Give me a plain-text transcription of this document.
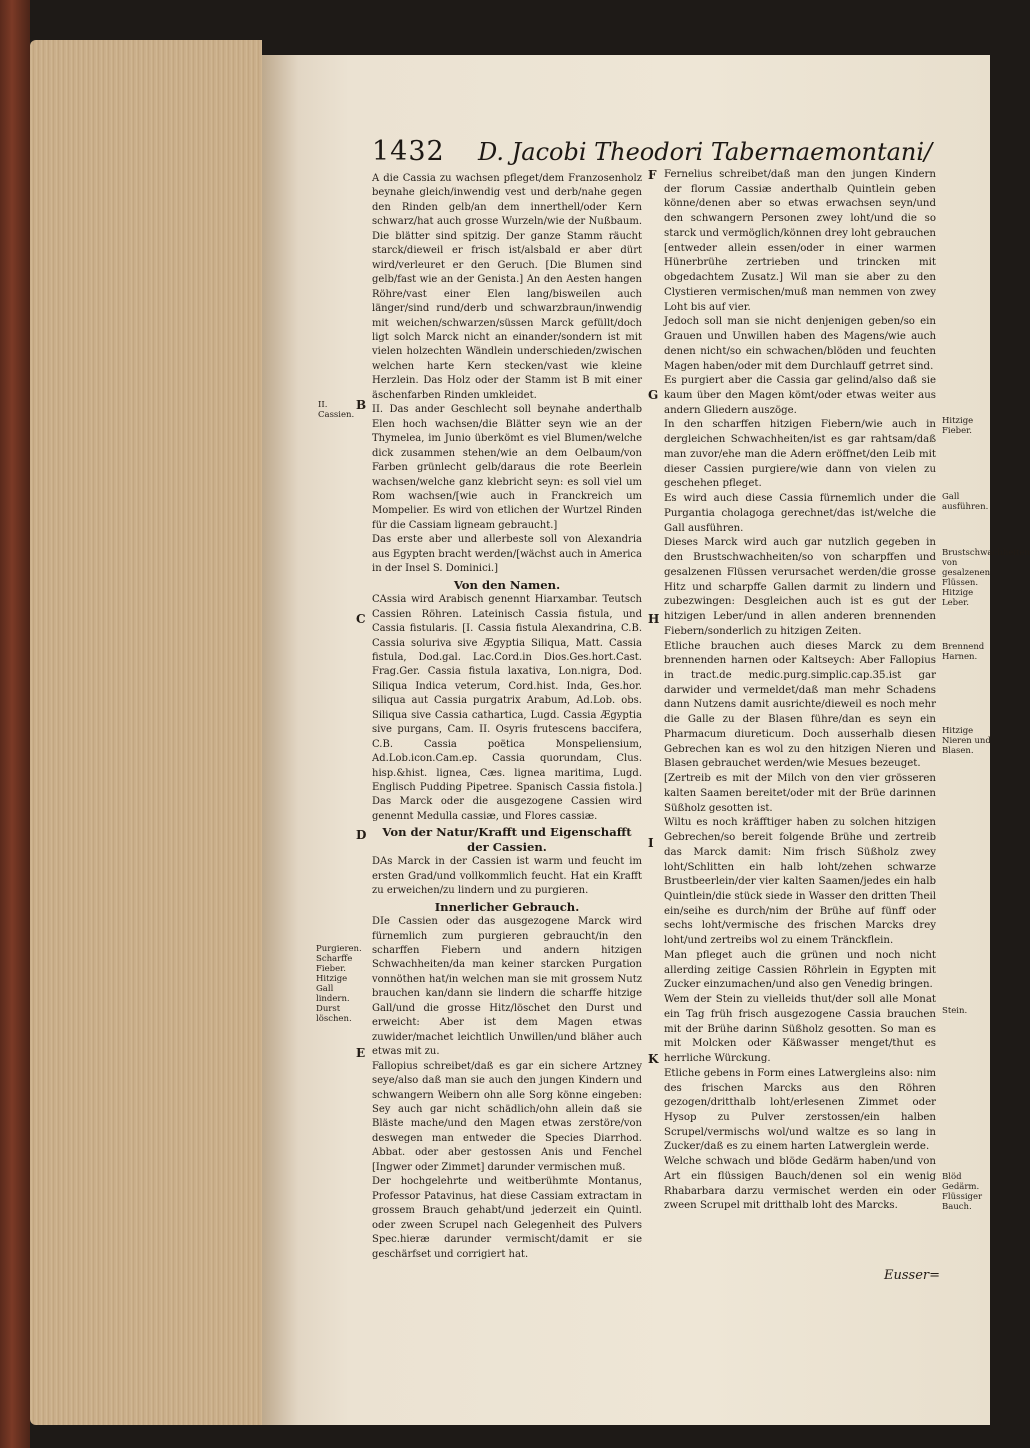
1432 D. Jacobi Theodori Tabernaemontani/

A die Cassia zu wachsen pfleget/dem Franzosenholz beynahe gleich/inwendig vest und derb/nahe gegen den Rinden gelb/an dem innerthell/oder Kern schwarz/hat auch grosse Wurzeln/wie der Nußbaum. Die blätter sind spitzig. Der ganze Stamm räucht starck/dieweil er frisch ist/alsbald er aber dürt wird/verleuret er den Geruch. [Die Blumen sind gelb/fast wie an der Genista.] An den Aesten hangen Röhre/vast einer Elen lang/bisweilen auch länger/sind rund/derb und schwarzbraun/inwendig mit weichen/schwarzen/süssen Marck gefüllt/doch ligt solch Marck nicht an einander/sondern ist mit vielen holzechten Wändlein underschieden/zwischen welchen harte Kern stecken/vast wie kleine Herzlein. Das Holz oder der Stamm ist B mit einer äschenfarben Rinden umkleidet.

II. Das ander Geschlecht soll beynahe anderthalb Elen hoch wachsen/die Blätter seyn wie an der Thymelea, im Junio überkömt es viel Blumen/welche dick zusammen stehen/wie an dem Oelbaum/von Farben grünlecht gelb/daraus die rote Beerlein wachsen/welche ganz klebricht seyn: es soll viel um Rom wachsen/[wie auch in Franckreich um Mompelier. Es wird von etlichen der Wurtzel Rinden für die Cassiam ligneam gebraucht.]

Das erste aber und allerbeste soll von Alexandria aus Egypten bracht werden/[wächst auch in America in der Insel S. Dominici.]

Von den Namen.

CAssia wird Arabisch genennt Hiarxambar. Teutsch Cassien Röhren. Lateinisch Cassia fistula, und Cassia fistularis. [I. Cassia fistula Alexandrina, C.B. Cassia soluriva sive Ægyptia Siliqua, Matt. Cassia fistula, Dod.gal. Lac.Cord.in Dios.Ges.hort.Cast. Frag.Ger. Cassia fistula laxativa, Lon.nigra, Dod. Siliqua Indica veterum, Cord.hist. Inda, Ges.hor. siliqua aut Cassia purgatrix Arabum, Ad.Lob. obs. Siliqua sive Cassia cathartica, Lugd. Cassia Ægyptia sive purgans, Cam. II. Osyris frutescens baccifera, C.B. Cassia poëtica Monspeliensium, Ad.Lob.icon.Cam.ep. Cassia quorundam, Clus. hisp.&hist. lignea, Cæs. lignea maritima, Lugd. Englisch Pudding Pipetree. Spanisch Cassia fistola.] Das Marck oder die ausgezogene Cassien wird genennt Medulla cassiæ, und Flores cassiæ.

Von der Natur/Krafft und Eigenschafft der Cassien.

DAs Marck in der Cassien ist warm und feucht im ersten Grad/und vollkommlich feucht. Hat ein Krafft zu erweichen/zu lindern und zu purgieren.

Innerlicher Gebrauch.

DIe Cassien oder das ausgezogene Marck wird fürnemlich zum purgieren gebraucht/in den scharffen Fiebern und andern hitzigen Schwachheiten/da man keiner starcken Purgation vonnöthen hat/in welchen man sie mit grossem Nutz brauchen kan/dann sie lindern die scharffe hitzige Gall/und die grosse Hitz/löschet den Durst und erweicht: Aber ist dem Magen etwas zuwider/machet leichtlich Unwillen/und bläher auch etwas mit zu.

Fallopius schreibet/daß es gar ein sichere Artzney seye/also daß man sie auch den jungen Kindern und schwangern Weibern ohn alle Sorg könne eingeben: Sey auch gar nicht schädlich/ohn allein daß sie Bläste mache/und den Magen etwas zerstöre/von deswegen man entweder die Species Diarrhod. Abbat. oder aber gestossen Anis und Fenchel [Ingwer oder Zimmet] darunder vermischen muß.

Der hochgelehrte und weitberühmte Montanus, Professor Patavinus, hat diese Cassiam extractam in grossem Brauch gehabt/und jederzeit ein Quintl. oder zween Scrupel nach Gelegenheit des Pulvers Spec.hieræ darunder vermischt/damit er sie geschärfset und corrigiert hat.

Fernelius schreibet/daß man den jungen Kindern der florum Cassiæ anderthalb Quintlein geben könne/denen aber so etwas erwachsen seyn/und den schwangern Personen zwey loht/und die so starck und vermöglich/können drey loht gebrauchen [entweder allein essen/oder in einer warmen Hünerbrühe zertrieben und trincken mit obgedachtem Zusatz.] Wil man sie aber zu den Clystieren vermischen/muß man nemmen von zwey Loht bis auf vier.

Jedoch soll man sie nicht denjenigen geben/so ein Grauen und Unwillen haben des Magens/wie auch denen nicht/so ein schwachen/blöden und feuchten Magen haben/oder mit dem Durchlauff getrret sind.

Es purgiert aber die Cassia gar gelind/also daß sie kaum über den Magen kömt/oder etwas weiter aus andern Gliedern auszöge.

In den scharffen hitzigen Fiebern/wie auch in dergleichen Schwachheiten/ist es gar rahtsam/daß man zuvor/ehe man die Adern eröffnet/den Leib mit dieser Cassien purgiere/wie dann von vielen zu geschehen pfleget.

Es wird auch diese Cassia fürnemlich under die Purgantia cholagoga gerechnet/das ist/welche die Gall ausführen.

Dieses Marck wird auch gar nutzlich gegeben in den Brustschwachheiten/so von scharpffen und gesalzenen Flüssen verursachet werden/die grosse Hitz und scharpffe Gallen darmit zu lindern und zubezwingen: Desgleichen auch ist es gut der hitzigen Leber/und in allen anderen brennenden Fiebern/sonderlich zu hitzigen Zeiten.

Etliche brauchen auch dieses Marck zu dem brennenden harnen oder Kaltseych: Aber Fallopius in tract.de medic.purg.simplic.cap.35.ist gar darwider und vermeldet/daß man mehr Schadens dann Nutzens damit ausrichte/dieweil es noch mehr die Galle zu der Blasen führe/dan es seyn ein Pharmacum diureticum. Doch ausserhalb diesen Gebrechen kan es wol zu den hitzigen Nieren und Blasen gebrauchet werden/wie Mesues bezeuget.

[Zertreib es mit der Milch von den vier grösseren kalten Saamen bereitet/oder mit der Brüe darinnen Süßholz gesotten ist.

Wiltu es noch kräfftiger haben zu solchen hitzigen Gebrechen/so bereit folgende Brühe und zertreib das Marck damit: Nim frisch Süßholz zwey loht/Schlitten ein halb loht/zehen schwarze Brustbeerlein/der vier kalten Saamen/jedes ein halb Quintlein/die stück siede in Wasser den dritten Theil ein/seihe es durch/nim der Brühe auf fünff oder sechs loht/vermische des frischen Marcks drey loht/und zertreibs wol zu einem Tränckflein.

Man pfleget auch die grünen und noch nicht allerding zeitige Cassien Röhrlein in Egypten mit Zucker einzumachen/und also gen Venedig bringen.

Wem der Stein zu vielleids thut/der soll alle Monat ein Tag früh frisch ausgezogene Cassia brauchen mit der Brühe darinn Süßholz gesotten. So man es mit Molcken oder Käßwasser menget/thut es herrliche Würckung.

Etliche gebens in Form eines Latwergleins also: nim des frischen Marcks aus den Röhren gezogen/dritthalb loht/erlesenen Zimmet oder Hysop zu Pulver zerstossen/ein halben Scrupel/vermischs wol/und waltze es so lang in Zucker/daß es zu einem harten Latwerglein werde.

Welche schwach und blöde Gedärm haben/und von Art ein flüssigen Bauch/denen sol ein wenig Rhabarbara darzu vermischet werden ein oder zween Scrupel mit dritthalb loht des Marcks.

B
C
D
E
F
G
H
I
K
II. Cassien.
Purgieren. Scharffe Fieber. Hitzige Gall lindern. Durst löschen.
Hitzige Fieber.
Gall ausführen.
Brustschwachheiten von gesalzenen Flüssen. Hitzige Leber.
Brennend Harnen.
Hitzige Nieren und Blasen.
Stein.
Blöd Gedärm. Flüssiger Bauch.
Eusser=
